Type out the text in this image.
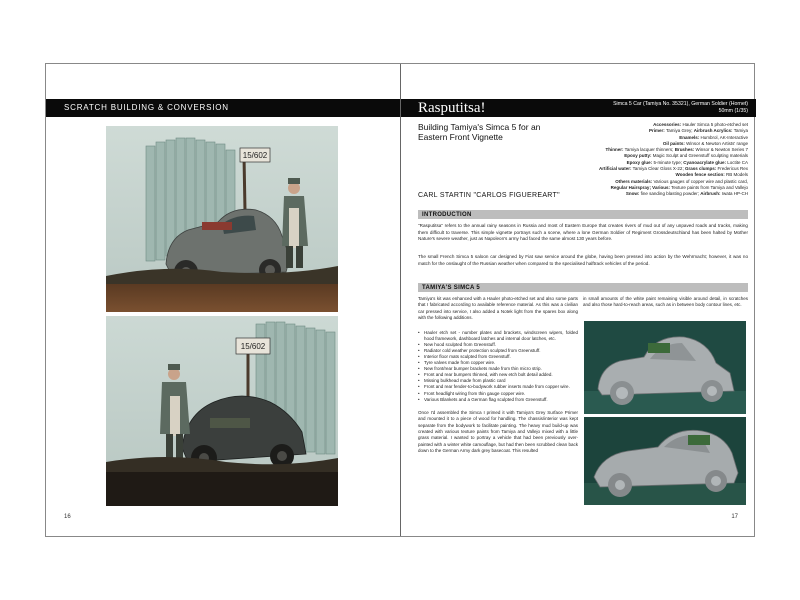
SCRATCH BUILDING & CONVERSION
15/602
15/602
16
Rasputitsa!	Simca 5 Car (Tamiya No. 35321), German Soldier (Hornet)
50mm (1/35)
Building Tamiya's Simca 5 for an Eastern Front Vignette
CARL STARTIN "CARLOS FIGUEREART"
Accessories: Hauler Simca 5 photo-etched set
Primer: Tamiya Grey; Airbrush Acrylics: Tamiya
Enamels: Humbrol, AK-Interactive
Oil paints: Winsor & Newton Artists' range
Thinner: Tamiya lacquer thinners; Brushes: Winsor & Newton Series 7
Epoxy putty: Magic Sculpt and Greenstuff sculpting materials
Epoxy glue: 5-minute type; Cyanoacrylate glue: Loctite CA
Artificial water: Tamiya Clear Gloss X-22; Grass clumps: Fredericus Rex
Wooden fence section: RB Models
Others materials: Various gauges of copper wire and plastic card,
Regular Hairspray; Various: Texture paints from Tamiya and Vallejo
Snow: fine sanding blasting powder; Airbrush: Iwata HP-CH
INTRODUCTION
"Rasputitsa" refers to the annual rainy seasons in Russia and most of Eastern Europe that creates rivers of mud out of any unpaved roads and tracks, making them difficult to traverse. This simple vignette portrays such a scene, where a lone German Soldier of Regiment Grossdeutschland has been halted by Mother Nature's severe weather, just as Napoleon's army had faced the same almost 130 years before.
The small French Simca 5 saloon car designed by Fiat saw service around the globe, having been pressed into action by the Wehrmacht; however, it was no match for the onslaught of the Russian weather when compared to the specialised halftrack vehicles of the period.
TAMIYA'S SIMCA 5
Tamiya's kit was enhanced with a Hauler photo-etched set and also some parts that I fabricated according to available reference material. As this was a civilian car pressed into service, I also added a Notek light from the spares box along with the following additions.
• Hauler etch set - number plates and brackets, windscreen wipers, folded hood framework, dashboard latches and internal door latches, etc.
• New hood sculpted from Greenstuff.
• Radiator cold weather protection sculpted from Greenstuff.
• Interior floor mats sculpted from Greenstuff.
• Tyre valves made from copper wire.
• New front/rear bumper brackets made from thin micro strip.
• Front and rear bumpers thinned, with new etch bolt detail added.
• Missing bulkhead made from plastic card
• Front and rear fender-to-bodywork rubber inserts made from copper wire.
• Front headlight wiring from thin gauge copper wire.
• Various Blankets and a German flag sculpted from Greenstuff.
Once I'd assembled the Simca I primed it with Tamiya's Grey Surface Primer and mounted it to a piece of wood for handling. The chassis/interior was kept separate from the bodywork to facilitate painting. The heavy mud build-up was created with various texture paints from Tamiya and Vallejo mixed with a little grass material. I wanted to portray a vehicle that had been previously over-painted with a winter white camouflage, but had then been scrubbed clean back down to the German Army dark grey basecoat. This resulted
in small amounts of the white paint remaining visible around detail, in scratches and also those hard-to-reach areas, such as in between body contour lines, etc.
17
